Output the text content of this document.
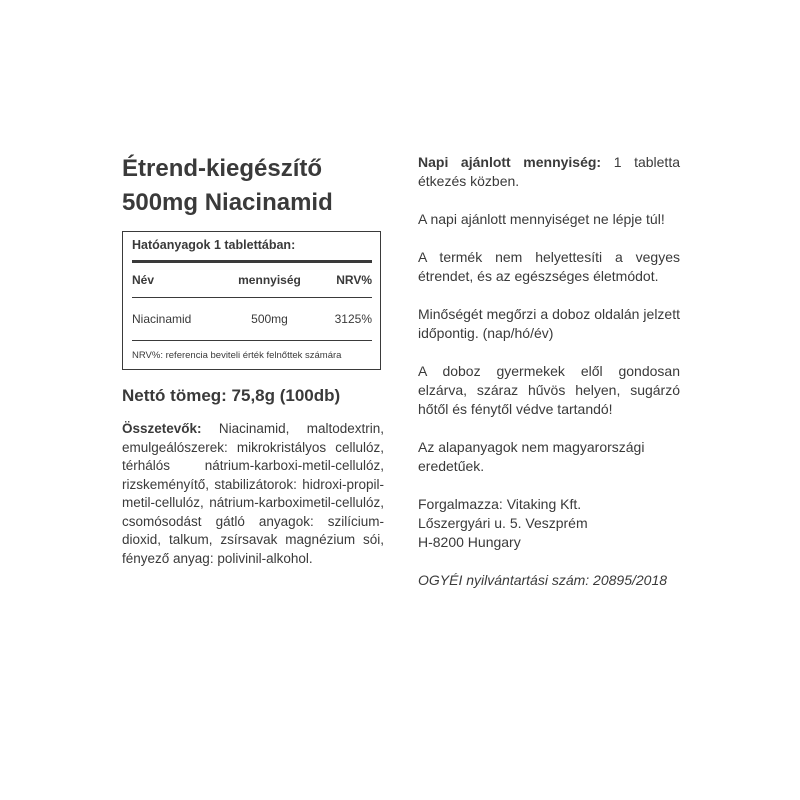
Étrend-kiegészítő
500mg Niacinamid
Hatóanyagok 1 tablettában:
Név	mennyiség	NRV%
Niacinamid	500mg	3125%
NRV%: referencia beviteli érték felnőttek számára
Nettó tömeg: 75,8g (100db)
Összetevők: Niacinamid, maltodextrin, emulgeálószerek: mikrokristályos cellulóz, térhálós nátrium-karboxi-metil-cellulóz, rizskeményítő, stabilizátorok: hidroxi-propil-metil-cellulóz, nátrium-karboximetil-cellulóz, csomósodást gátló anyagok: szilícium-dioxid, talkum, zsírsavak magnézium sói, fényező anyag: polivinil-alkohol.

Napi ajánlott mennyiség: 1 tabletta étkezés közben.

A napi ajánlott mennyiséget ne lépje túl!

A termék nem helyettesíti a vegyes étrendet, és az egészséges életmódot.

Minőségét megőrzi a doboz oldalán jelzett időpontig. (nap/hó/év)

A doboz gyermekek elől gondosan elzárva, száraz hűvös helyen, sugárzó hőtől és fénytől védve tartandó!

Az alapanyagok nem magyarországi eredetűek.

Forgalmazza: Vitaking Kft.
Lőszergyári u. 5. Veszprém
H-8200 Hungary

OGYÉI nyilvántartási szám: 20895/2018
